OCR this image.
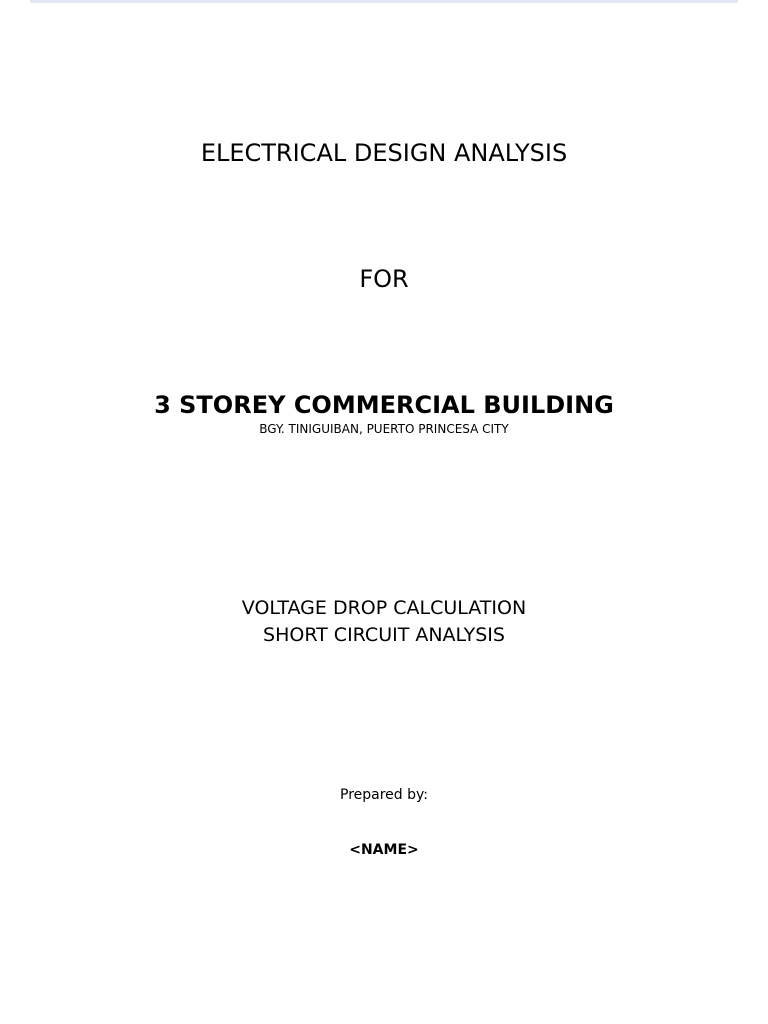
ELECTRICAL DESIGN ANALYSIS
FOR
3 STOREY COMMERCIAL BUILDING
BGY. TINIGUIBAN, PUERTO PRINCESA CITY
VOLTAGE DROP CALCULATION
SHORT CIRCUIT ANALYSIS
Prepared by:
<NAME>
